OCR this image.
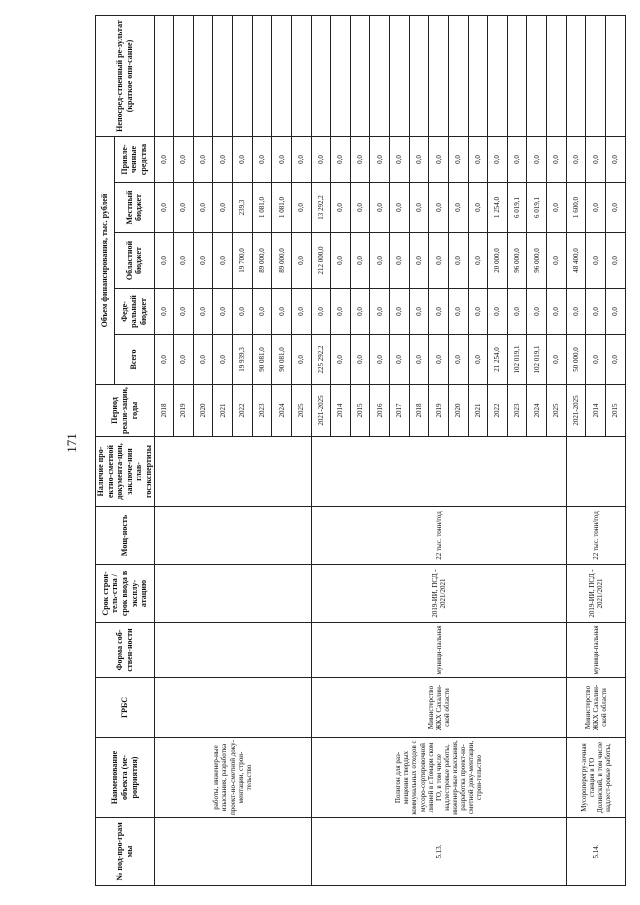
171
№ под-про-грам мы	Наименование объекта (ме-роприятия)	ГРБС	Форма соб-ствен-ности	Срок строи-тель-ства / срок ввода в эксплу-атацию	Мощ-ность	Наличие про-ектно-сметной документа-ции, заключе-ния глав-госэкспертизы	Период реали-зации, годы	Объем финансирования, тыс. рублей					Непосред-ственный ре-зультат (краткое опи-сание)
								Всего	Феде-ральный бюджет	Областной бюджет	Местный бюджет	Привле-ченные средства	
	работы, инженер-ные изыскания, разработка проект-но-сметной доку-ментации, строи-тельство						2018	0,0	0,0	0,0	0,0	0,0	
							2019	0,0	0,0	0,0	0,0	0,0	
							2020	0,0	0,0	0,0	0,0	0,0	
							2021	0,0	0,0	0,0	0,0	0,0	
							2022	19 939,3	0,0	19 700,0	239,3	0,0	
							2023	90 081,0	0,0	89 000,0	1 081,0	0,0	
							2024	90 081,0	0,0	89 000,0	1 081,0	0,0	
							2025	0,0	0,0	0,0	0,0	0,0	
5.13.	Полигон для раз-мещения твердых коммунальных отходов с мусоро-сортировочной линией в г.Томари ском ГО, в том числе надлестровые работы, инженер-ные изыскания, разработка проект-но-сметной доку-ментации, строи-тельство	Министерство ЖКХ Сахалин-ской области	муници-пальная	2019-ИИ, ПСД - 2021/2021	22 тыс. тонн/год		2021-2025	225 292,2	0,0	212 000,0	13 292,2	0,0	
							2014	0,0	0,0	0,0	0,0	0,0	
							2015	0,0	0,0	0,0	0,0	0,0	
							2016	0,0	0,0	0,0	0,0	0,0	
							2017	0,0	0,0	0,0	0,0	0,0	
							2018	0,0	0,0	0,0	0,0	0,0	
							2019	0,0	0,0	0,0	0,0	0,0	
							2020	0,0	0,0	0,0	0,0	0,0	
							2021	0,0	0,0	0,0	0,0	0,0	
							2022	21 254,0	0,0	20 000,0	1 254,0	0,0	
							2023	102 019,1	0,0	96 000,0	6 019,1	0,0	
							2024	102 019,1	0,0	96 000,0	6 019,1	0,0	
							2025	0,0	0,0	0,0	0,0	0,0	
5.14.	Мусороперегру-зочная станция в ГО Долинский, в том числе надлест-ровые работы,	Министерство ЖКХ Сахалин-ской области	муници-пальная	2019-ИИ, ПСД - 2021/2021	22 тыс. тонн/год		2021-2025	50 000,0	0,0	48 400,0	1 600,0	0,0	
							2014	0,0	0,0	0,0	0,0	0,0	
							2015	0,0	0,0	0,0	0,0	0,0	
